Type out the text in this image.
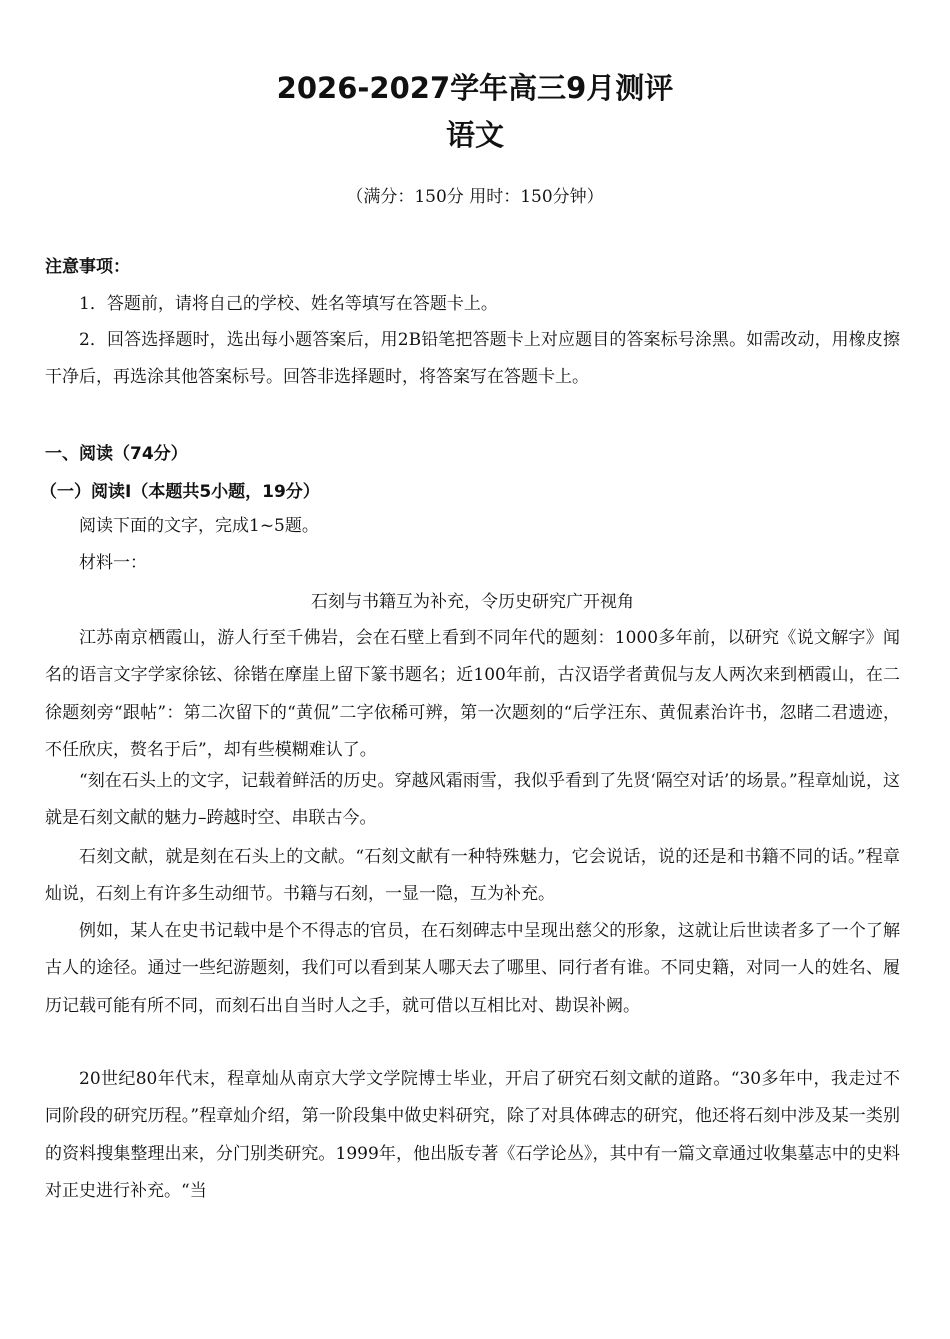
2026-2027学年高三9月测评
语文
（满分：150分 用时：150分钟）
注意事项：

1．答题前，请将自己的学校、姓名等填写在答题卡上。

2．回答选择题时，选出每小题答案后，用2B铅笔把答题卡上对应题目的答案标号涂黑。如需改动，用橡皮擦干净后，再选涂其他答案标号。回答非选择题时，将答案写在答题卡上。

一、阅读（74分）
（一）阅读I（本题共5小题，19分）

阅读下面的文字，完成1~5题。

材料一：

石刻与书籍互为补充，令历史研究广开视角

江苏南京栖霞山，游人行至千佛岩，会在石壁上看到不同年代的题刻：1000多年前，以研究《说文解字》闻名的语言文字学家徐铉、徐锴在摩崖上留下篆书题名；近100年前，古汉语学者黄侃与友人两次来到栖霞山，在二徐题刻旁“跟帖”：第二次留下的“黄侃”二字依稀可辨，第一次题刻的“后学汪东、黄侃素治许书，忽睹二君遗迹，不任欣庆，赘名于后”，却有些模糊难认了。

“刻在石头上的文字，记载着鲜活的历史。穿越风霜雨雪，我似乎看到了先贤‘隔空对话’的场景。”程章灿说，这就是石刻文献的魅力–跨越时空、串联古今。

石刻文献，就是刻在石头上的文献。“石刻文献有一种特殊魅力，它会说话，说的还是和书籍不同的话。”程章灿说，石刻上有许多生动细节。书籍与石刻，一显一隐，互为补充。

例如，某人在史书记载中是个不得志的官员，在石刻碑志中呈现出慈父的形象，这就让后世读者多了一个了解古人的途径。通过一些纪游题刻，我们可以看到某人哪天去了哪里、同行者有谁。不同史籍，对同一人的姓名、履历记载可能有所不同，而刻石出自当时人之手，就可借以互相比对、勘误补阙。

20世纪80年代末，程章灿从南京大学文学院博士毕业，开启了研究石刻文献的道路。“30多年中，我走过不同阶段的研究历程。”程章灿介绍，第一阶段集中做史料研究，除了对具体碑志的研究，他还将石刻中涉及某一类别的资料搜集整理出来，分门别类研究。1999年，他出版专著《石学论丛》，其中有一篇文章通过收集墓志中的史料对正史进行补充。“当
